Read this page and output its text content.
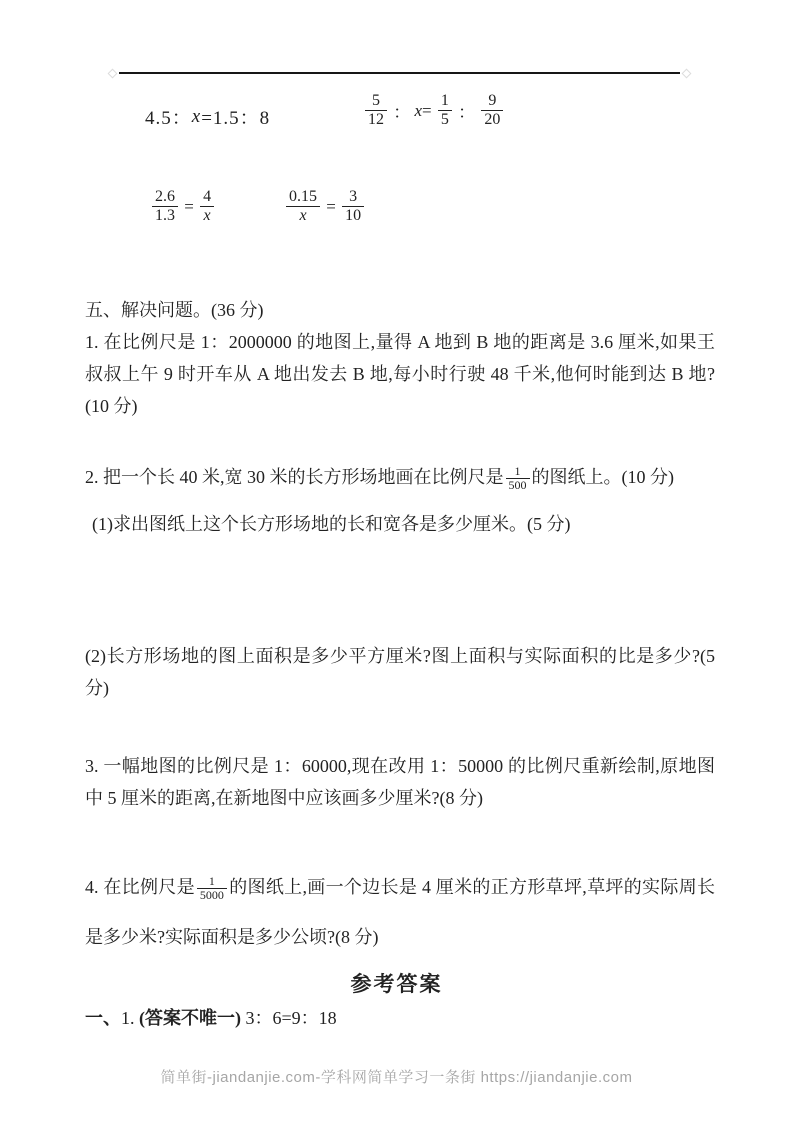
4.5：x=1.5：8	$\frac{5}{12}$ ： $x= \frac{1}{5}$ ： $\frac{9}{20}$
$\frac{2.6}{1.3} = \frac{4}{x}$	$\frac{0.15}{x} = \frac{3}{10}$
五、解决问题。(36 分)
1. 在比例尺是 1：2000000 的地图上,量得 A 地到 B 地的距离是 3.6 厘米,如果王叔叔上午 9 时开车从 A 地出发去 B 地,每小时行驶 48 千米,他何时能到达 B 地?(10 分)
2. 把一个长 40 米,宽 30 米的长方形场地画在比例尺是 $\frac{1}{500}$ 的图纸上。(10 分)
(1)求出图纸上这个长方形场地的长和宽各是多少厘米。(5 分)
(2)长方形场地的图上面积是多少平方厘米?图上面积与实际面积的比是多少?(5 分)
3. 一幅地图的比例尺是 1：60000,现在改用 1：50000 的比例尺重新绘制,原地图中 5 厘米的距离,在新地图中应该画多少厘米?(8 分)
4. 在比例尺是 $\frac{1}{5000}$ 的图纸上,画一个边长是 4 厘米的正方形草坪,草坪的实际周长是多少米?实际面积是多少公顷?(8 分)
参考答案
一、1. (答案不唯一) 3：6=9：18
简单街-jiandanjie.com-学科网简单学习一条街 https://jiandanjie.com
